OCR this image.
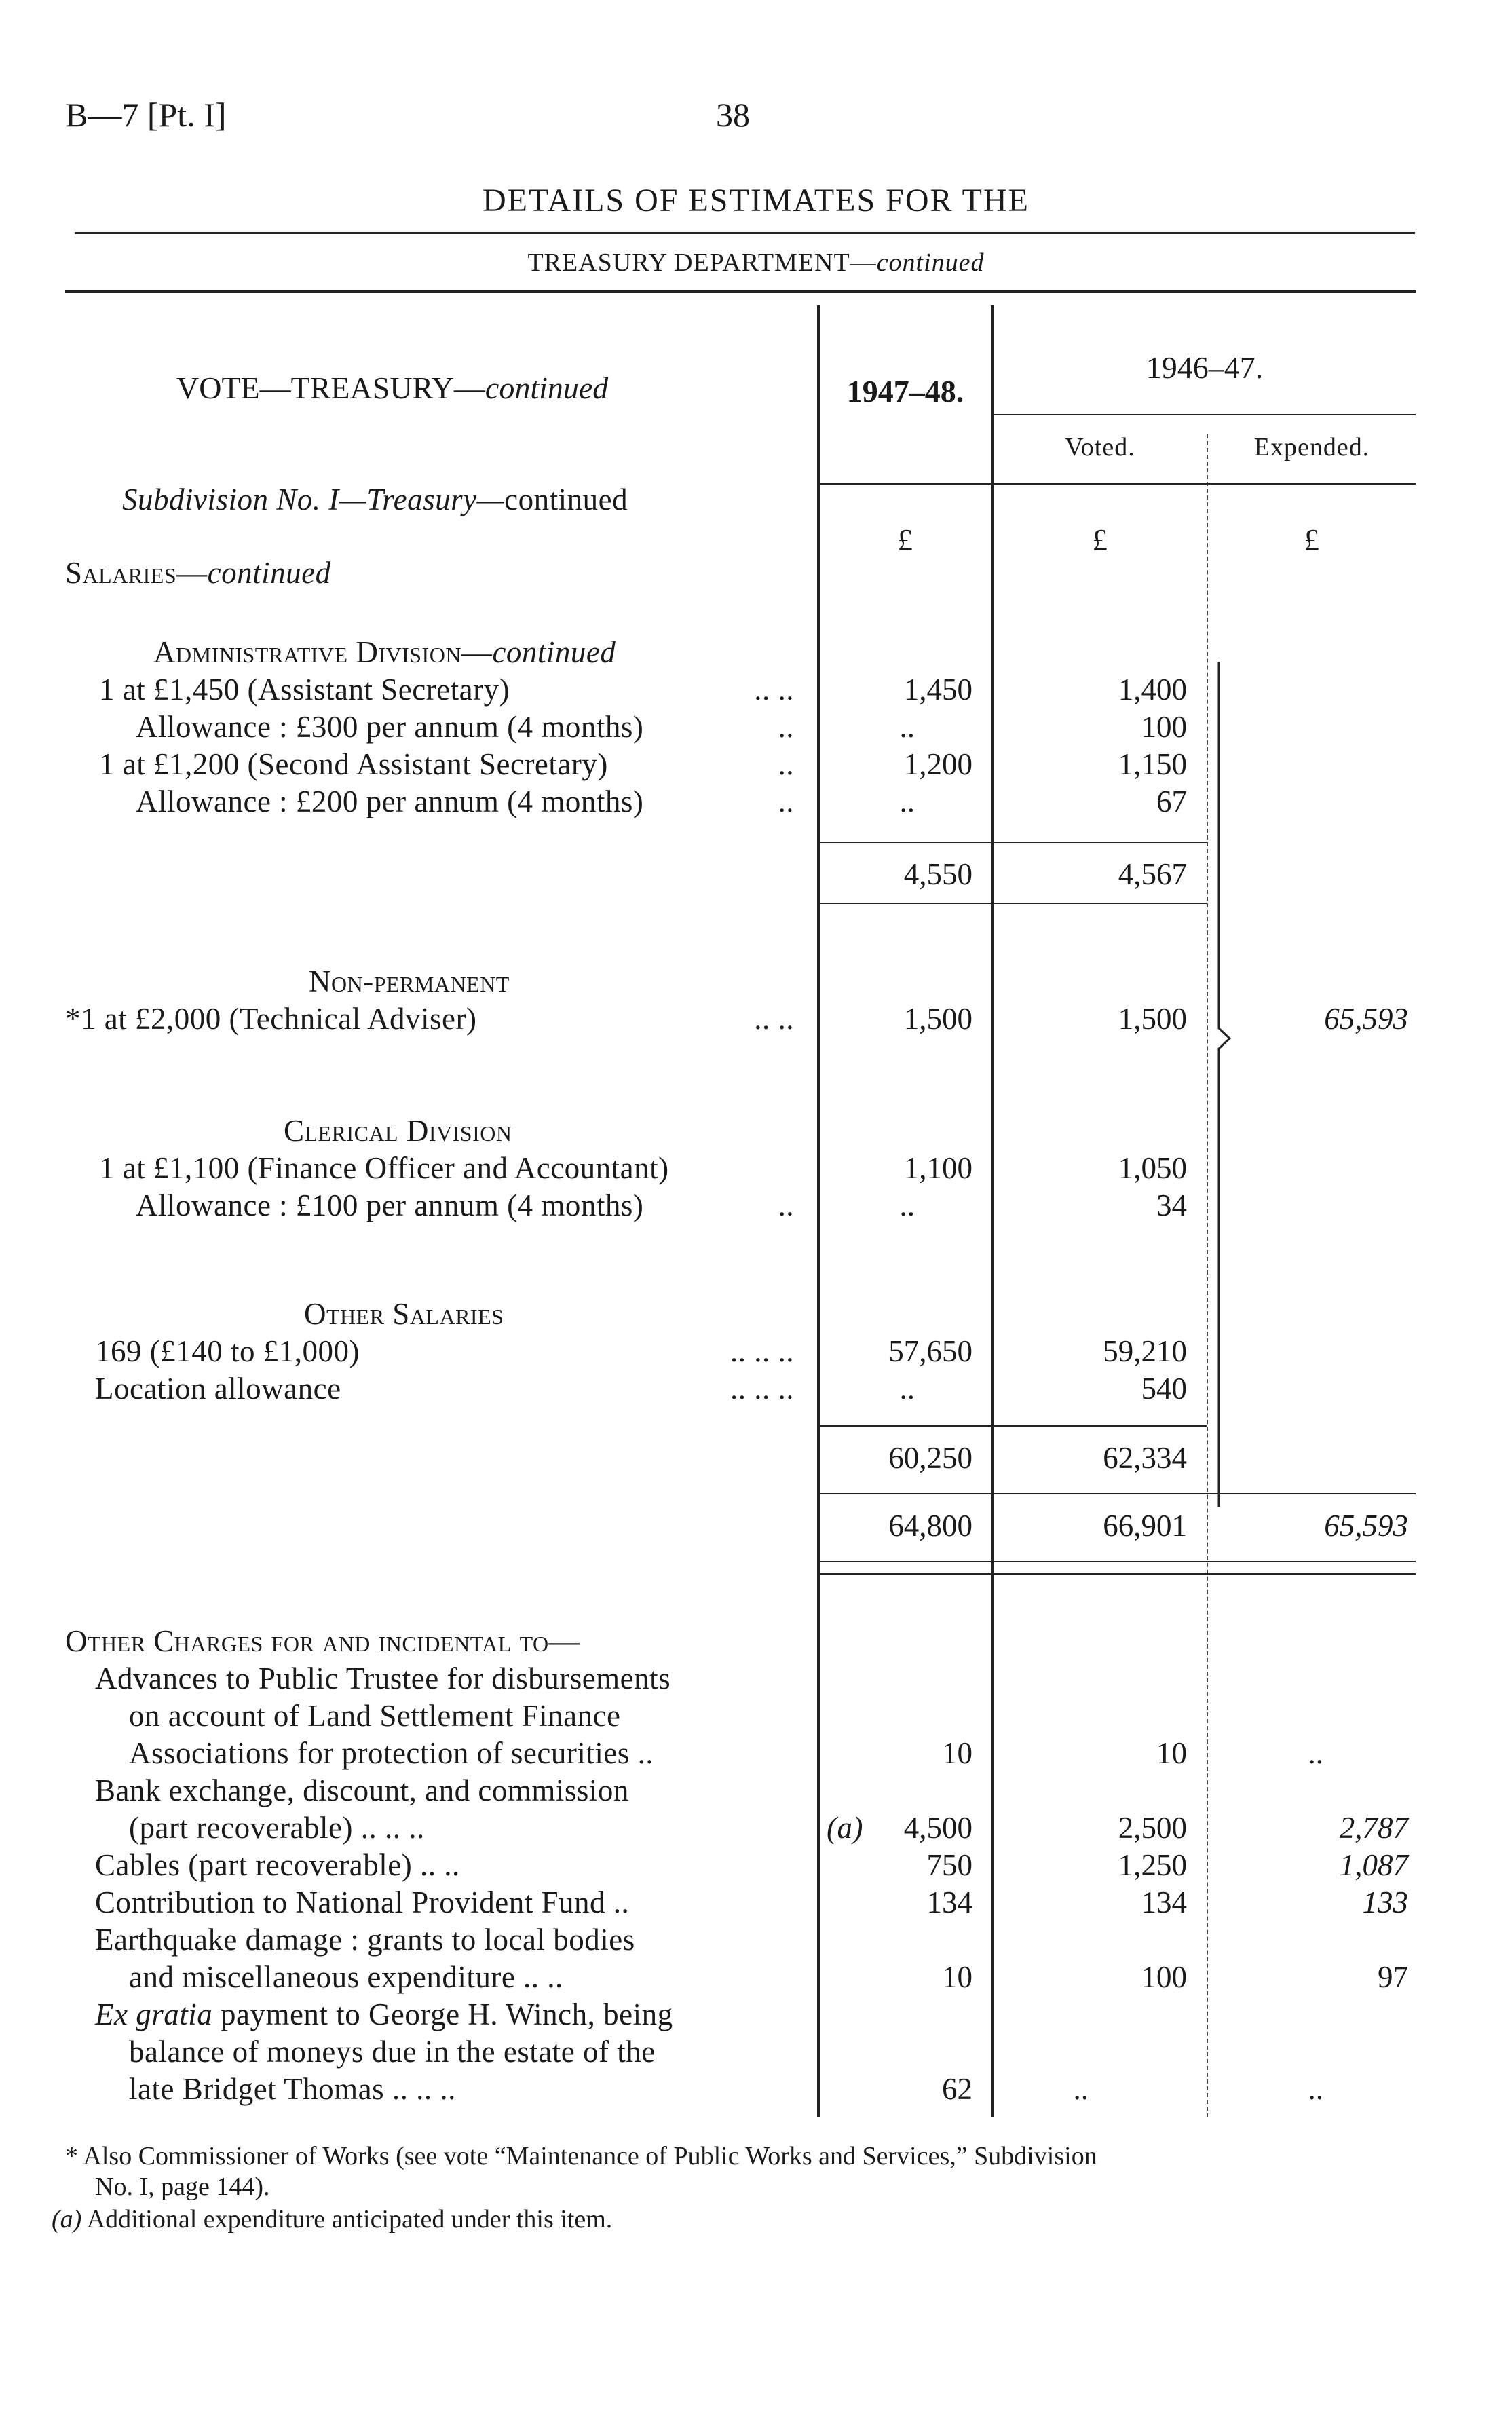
B—7 [Pt. I]	38
DETAILS OF ESTIMATES FOR THE
TREASURY DEPARTMENT—continued
VOTE—TREASURY—continued	1947–48.
1946–47.
Voted.	Expended.
Subdivision No. I—Treasury—continued
£	£	£
Salaries—continued
Administrative Division—continued
1 at £1,450 (Assistant Secretary)	.. ..	1,450	1,400
Allowance : £300 per annum (4 months)	..	..	100
1 at £1,200 (Second Assistant Secretary)	..	1,200	1,150
Allowance : £200 per annum (4 months)	..	..	67
4,550	4,567
Non-permanent
*1 at £2,000 (Technical Adviser)	.. ..	1,500	1,500	65,593
Clerical Division
1 at £1,100 (Finance Officer and Accountant)	1,100	1,050
Allowance : £100 per annum (4 months)	..	..	34
Other Salaries
169 (£140 to £1,000)	.. .. ..	57,650	59,210
Location allowance	.. .. ..	..	540
60,250	62,334
64,800	66,901	65,593
Other Charges for and incidental to—
Advances to Public Trustee for disbursements
on account of Land Settlement Finance
Associations for protection of securities ..	10	10	..
Bank exchange, discount, and commission
(part recoverable) .. .. ..	(a)	4,500	2,500	2,787
Cables (part recoverable) .. ..	750	1,250	1,087
Contribution to National Provident Fund ..	134	134	133
Earthquake damage : grants to local bodies
and miscellaneous expenditure .. ..	10	100	97
Ex gratia payment to George H. Winch, being
balance of moneys due in the estate of the
late Bridget Thomas .. .. ..	62	..	..
* Also Commissioner of Works (see vote “Maintenance of Public Works and Services,” Subdivision
No. I, page 144).
(a) Additional expenditure anticipated under this item.
